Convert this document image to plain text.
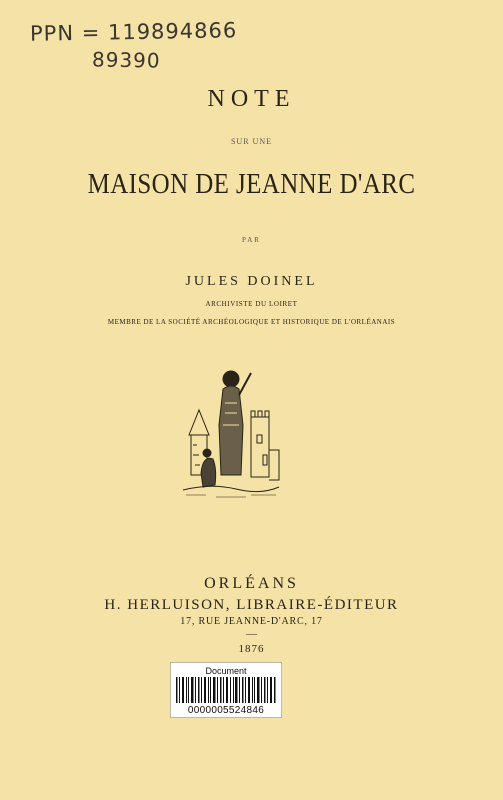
PPN = 119894866
89390
NOTE
SUR UNE
MAISON DE JEANNE D'ARC
PAR
JULES DOINEL
ARCHIVISTE DU LOIRET
MEMBRE DE LA SOCIÉTÉ ARCHÉOLOGIQUE ET HISTORIQUE DE L'ORLÉANAIS
ORLÉANS
H. HERLUISON, LIBRAIRE-ÉDITEUR
17, RUE JEANNE-D'ARC, 17
—
1876
Document
0000005524846
